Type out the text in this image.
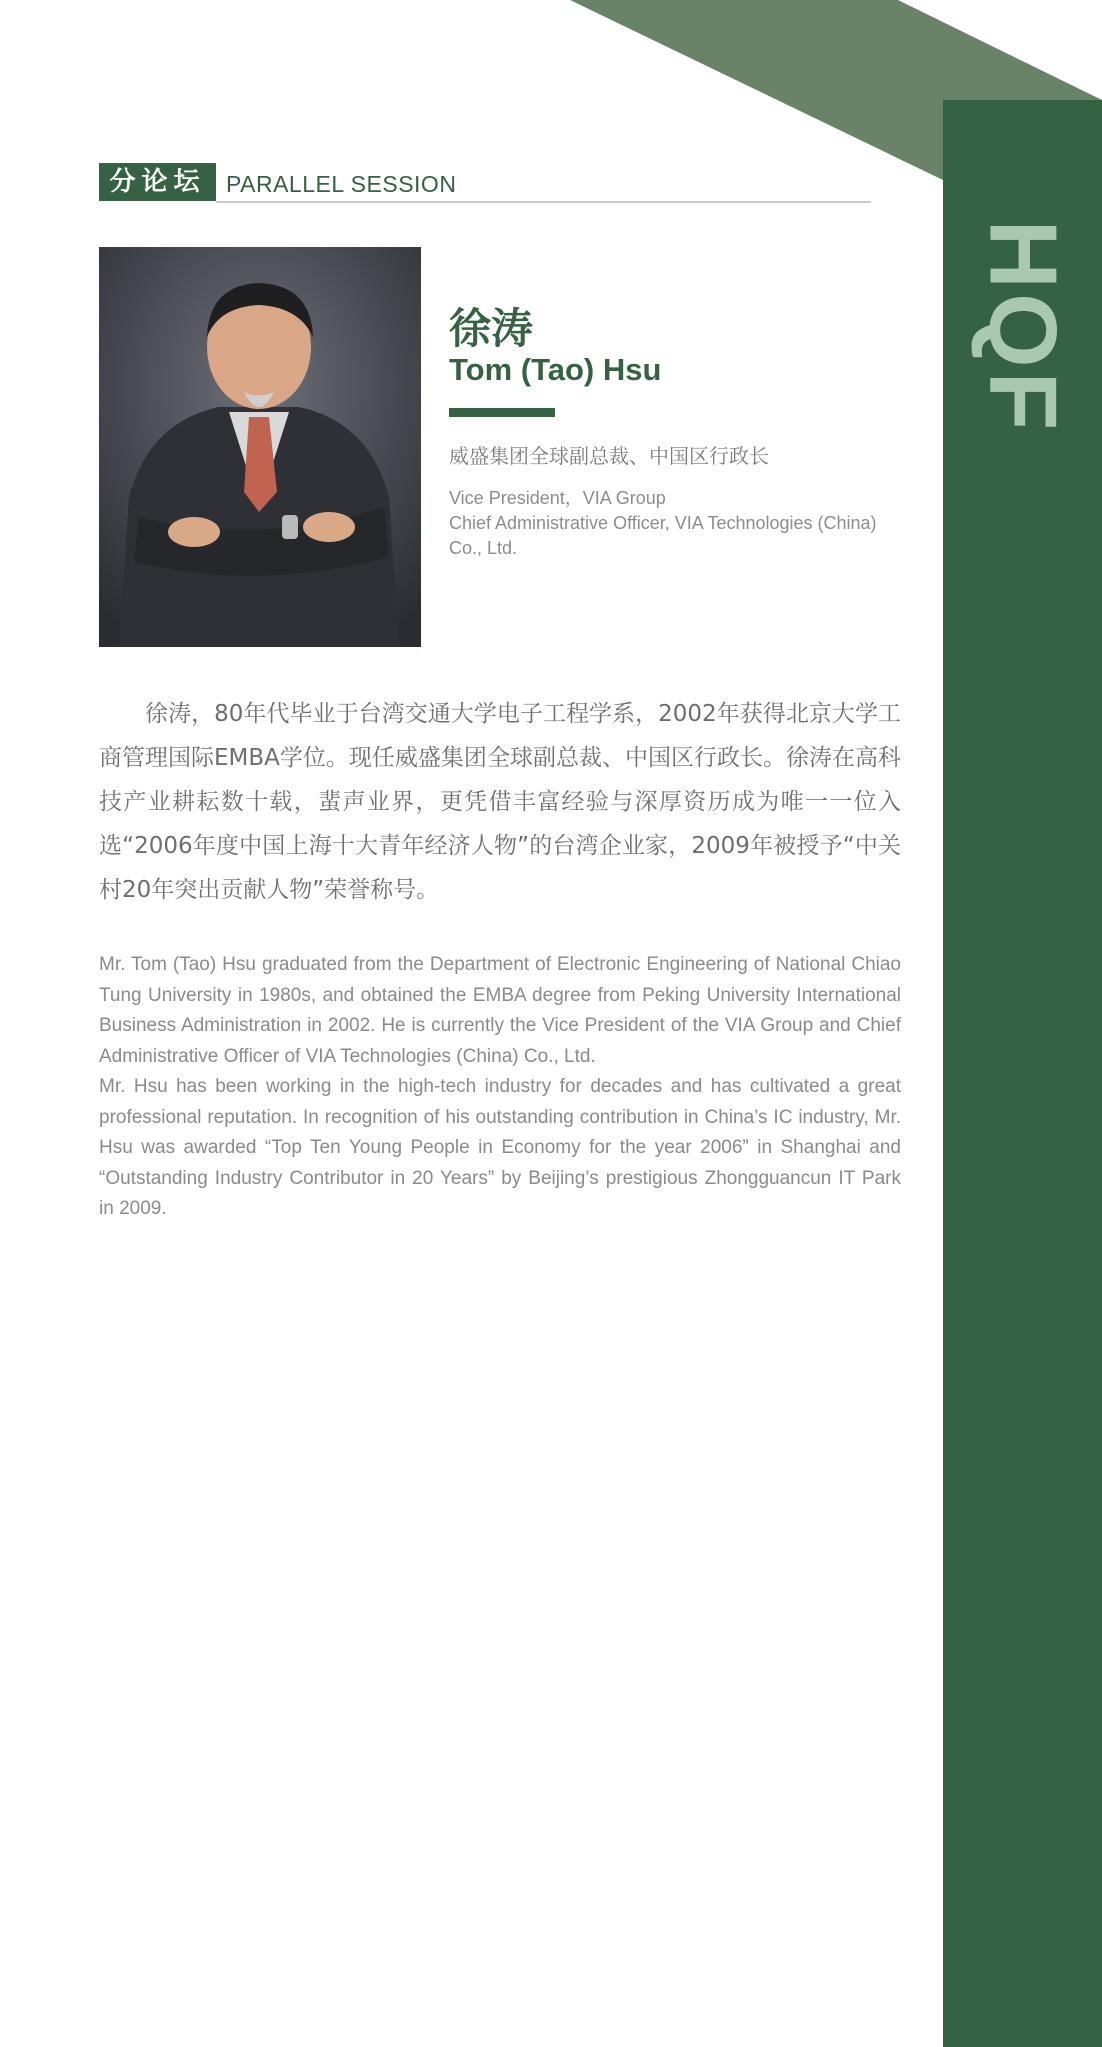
HQF
分论坛 PARALLEL SESSION
徐涛
Tom (Tao) Hsu
威盛集团全球副总裁、中国区行政长
Vice President，VIA Group
Chief Administrative Officer, VIA Technologies (China)
Co., Ltd.

徐涛，80年代毕业于台湾交通大学电子工程学系，2002年获得北京大学工商管理国际EMBA学位。现任威盛集团全球副总裁、中国区行政长。徐涛在高科技产业耕耘数十载，蜚声业界，更凭借丰富经验与深厚资历成为唯一一位入选“2006年度中国上海十大青年经济人物”的台湾企业家，2009年被授予“中关村20年突出贡献人物”荣誉称号。

Mr. Tom (Tao) Hsu graduated from the Department of Electronic Engineering of National Chiao Tung University in 1980s, and obtained the EMBA degree from Peking University International Business Administration in 2002. He is currently the Vice President of the VIA Group and Chief Administrative Officer of VIA Technologies (China) Co., Ltd.

Mr. Hsu has been working in the high-tech industry for decades and has cultivated a great professional reputation. In recognition of his outstanding contribution in China’s IC industry, Mr. Hsu was awarded “Top Ten Young People in Economy for the year 2006” in Shanghai and “Outstanding Industry Contributor in 20 Years” by Beijing’s prestigious Zhongguancun IT Park in 2009.
